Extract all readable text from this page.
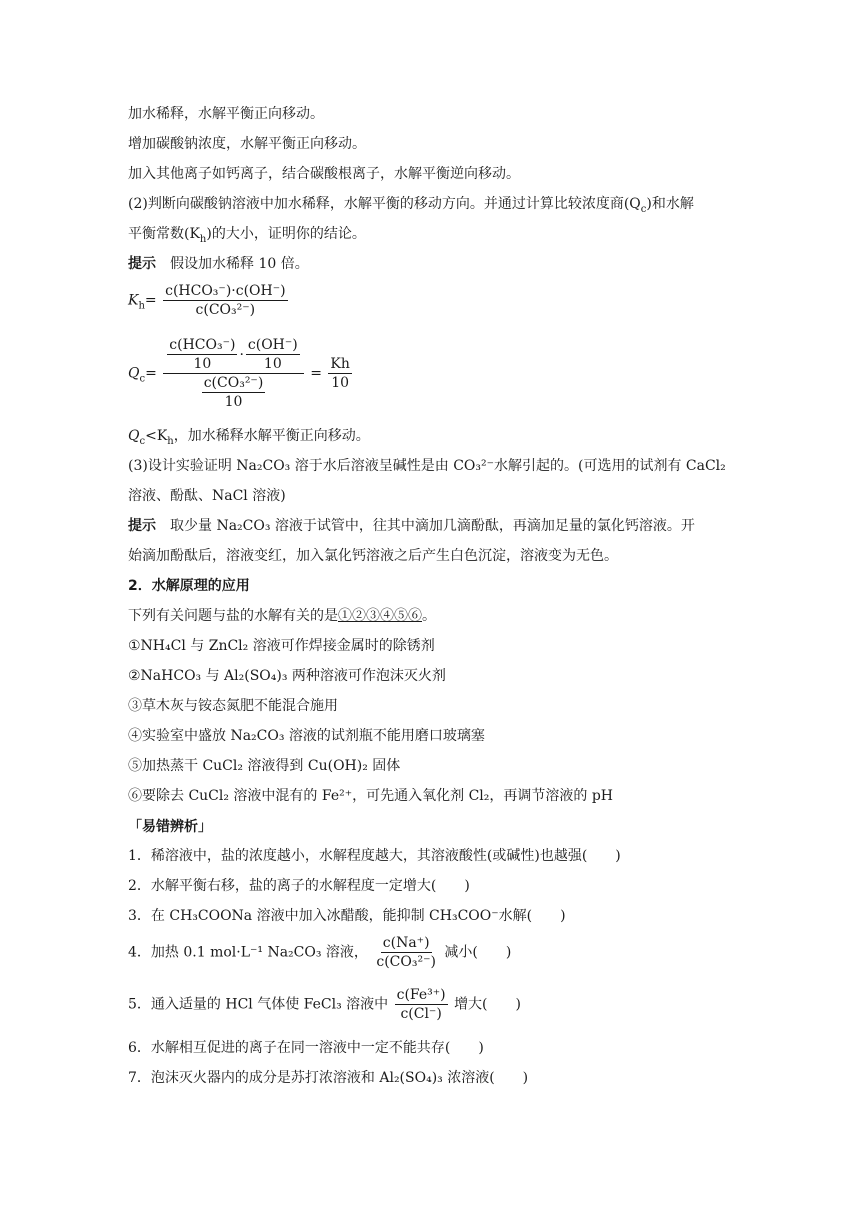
加水稀释，水解平衡正向移动。
增加碳酸钠浓度，水解平衡正向移动。
加入其他离子如钙离子，结合碳酸根离子，水解平衡逆向移动。
(2)判断向碳酸钠溶液中加水稀释，水解平衡的移动方向。并通过计算比较浓度商$(Q_c)$和水解
平衡常数$(K_h)$的大小，证明你的结论。
提示　 假设加水稀释 10 倍。
$K_h= \frac{\text{c(HCO₃⁻)·c(OH⁻)}}{\text{c(CO₃²⁻)}}$
$Q_c= \frac{\frac{\text{c(HCO₃⁻)}}{10} \cdot \frac{c(OH^-)}{10}}{\frac{\text{c(CO₃²⁻)}}{10}} = \frac{Kh}{10}$
$Q_c<K_h$，加水稀释水解平衡正向移动。
(3)设计实验证明 Na₂CO₃ 溶于水后溶液呈碱性是由 CO₃²⁻水解引起的。(可选用的试剂有 CaCl₂
溶液、酚酞、NaCl 溶液)
提示　 取少量 Na₂CO₃ 溶液于试管中，往其中滴加几滴酚酞，再滴加足量的氯化钙溶液。开
始滴加酚酞后，溶液变红，加入氯化钙溶液之后产生白色沉淀，溶液变为无色。
2．水解原理的应用
下列有关问题与盐的水解有关的是①②③④⑤⑥。
①NH₄Cl 与 ZnCl₂ 溶液可作焊接金属时的除锈剂
②NaHCO₃ 与 Al₂(SO₄)₃ 两种溶液可作泡沫灭火剂
③草木灰与铵态氮肥不能混合施用
④实验室中盛放 Na₂CO₃ 溶液的试剂瓶不能用磨口玻璃塞
⑤加热蒸干 CuCl₂ 溶液得到 Cu(OH)₂ 固体
⑥要除去 CuCl₂ 溶液中混有的 Fe²⁺，可先通入氧化剂 Cl₂，再调节溶液的 pH
「易错辨析」
1．稀溶液中，盐的浓度越小，水解程度越大，其溶液酸性(或碱性)也越强(　　)
2．水解平衡右移，盐的离子的水解程度一定增大(　　)
3．在 CH₃COONa 溶液中加入冰醋酸，能抑制 CH₃COO⁻水解(　　)
4．加热 0.1 mol·L⁻¹ Na₂CO₃ 溶液， $\frac{c(Na^+)}{\text{c(CO₃²⁻)}}$ 减小(　　)
5．通入适量的 HCl 气体使 FeCl₃ 溶液中 $\frac{\text{c(Fe³⁺)}}{c(Cl^-)}$ 增大(　　)
6．水解相互促进的离子在同一溶液中一定不能共存(　　)
7．泡沫灭火器内的成分是苏打浓溶液和 Al₂(SO₄)₃ 浓溶液(　　)
